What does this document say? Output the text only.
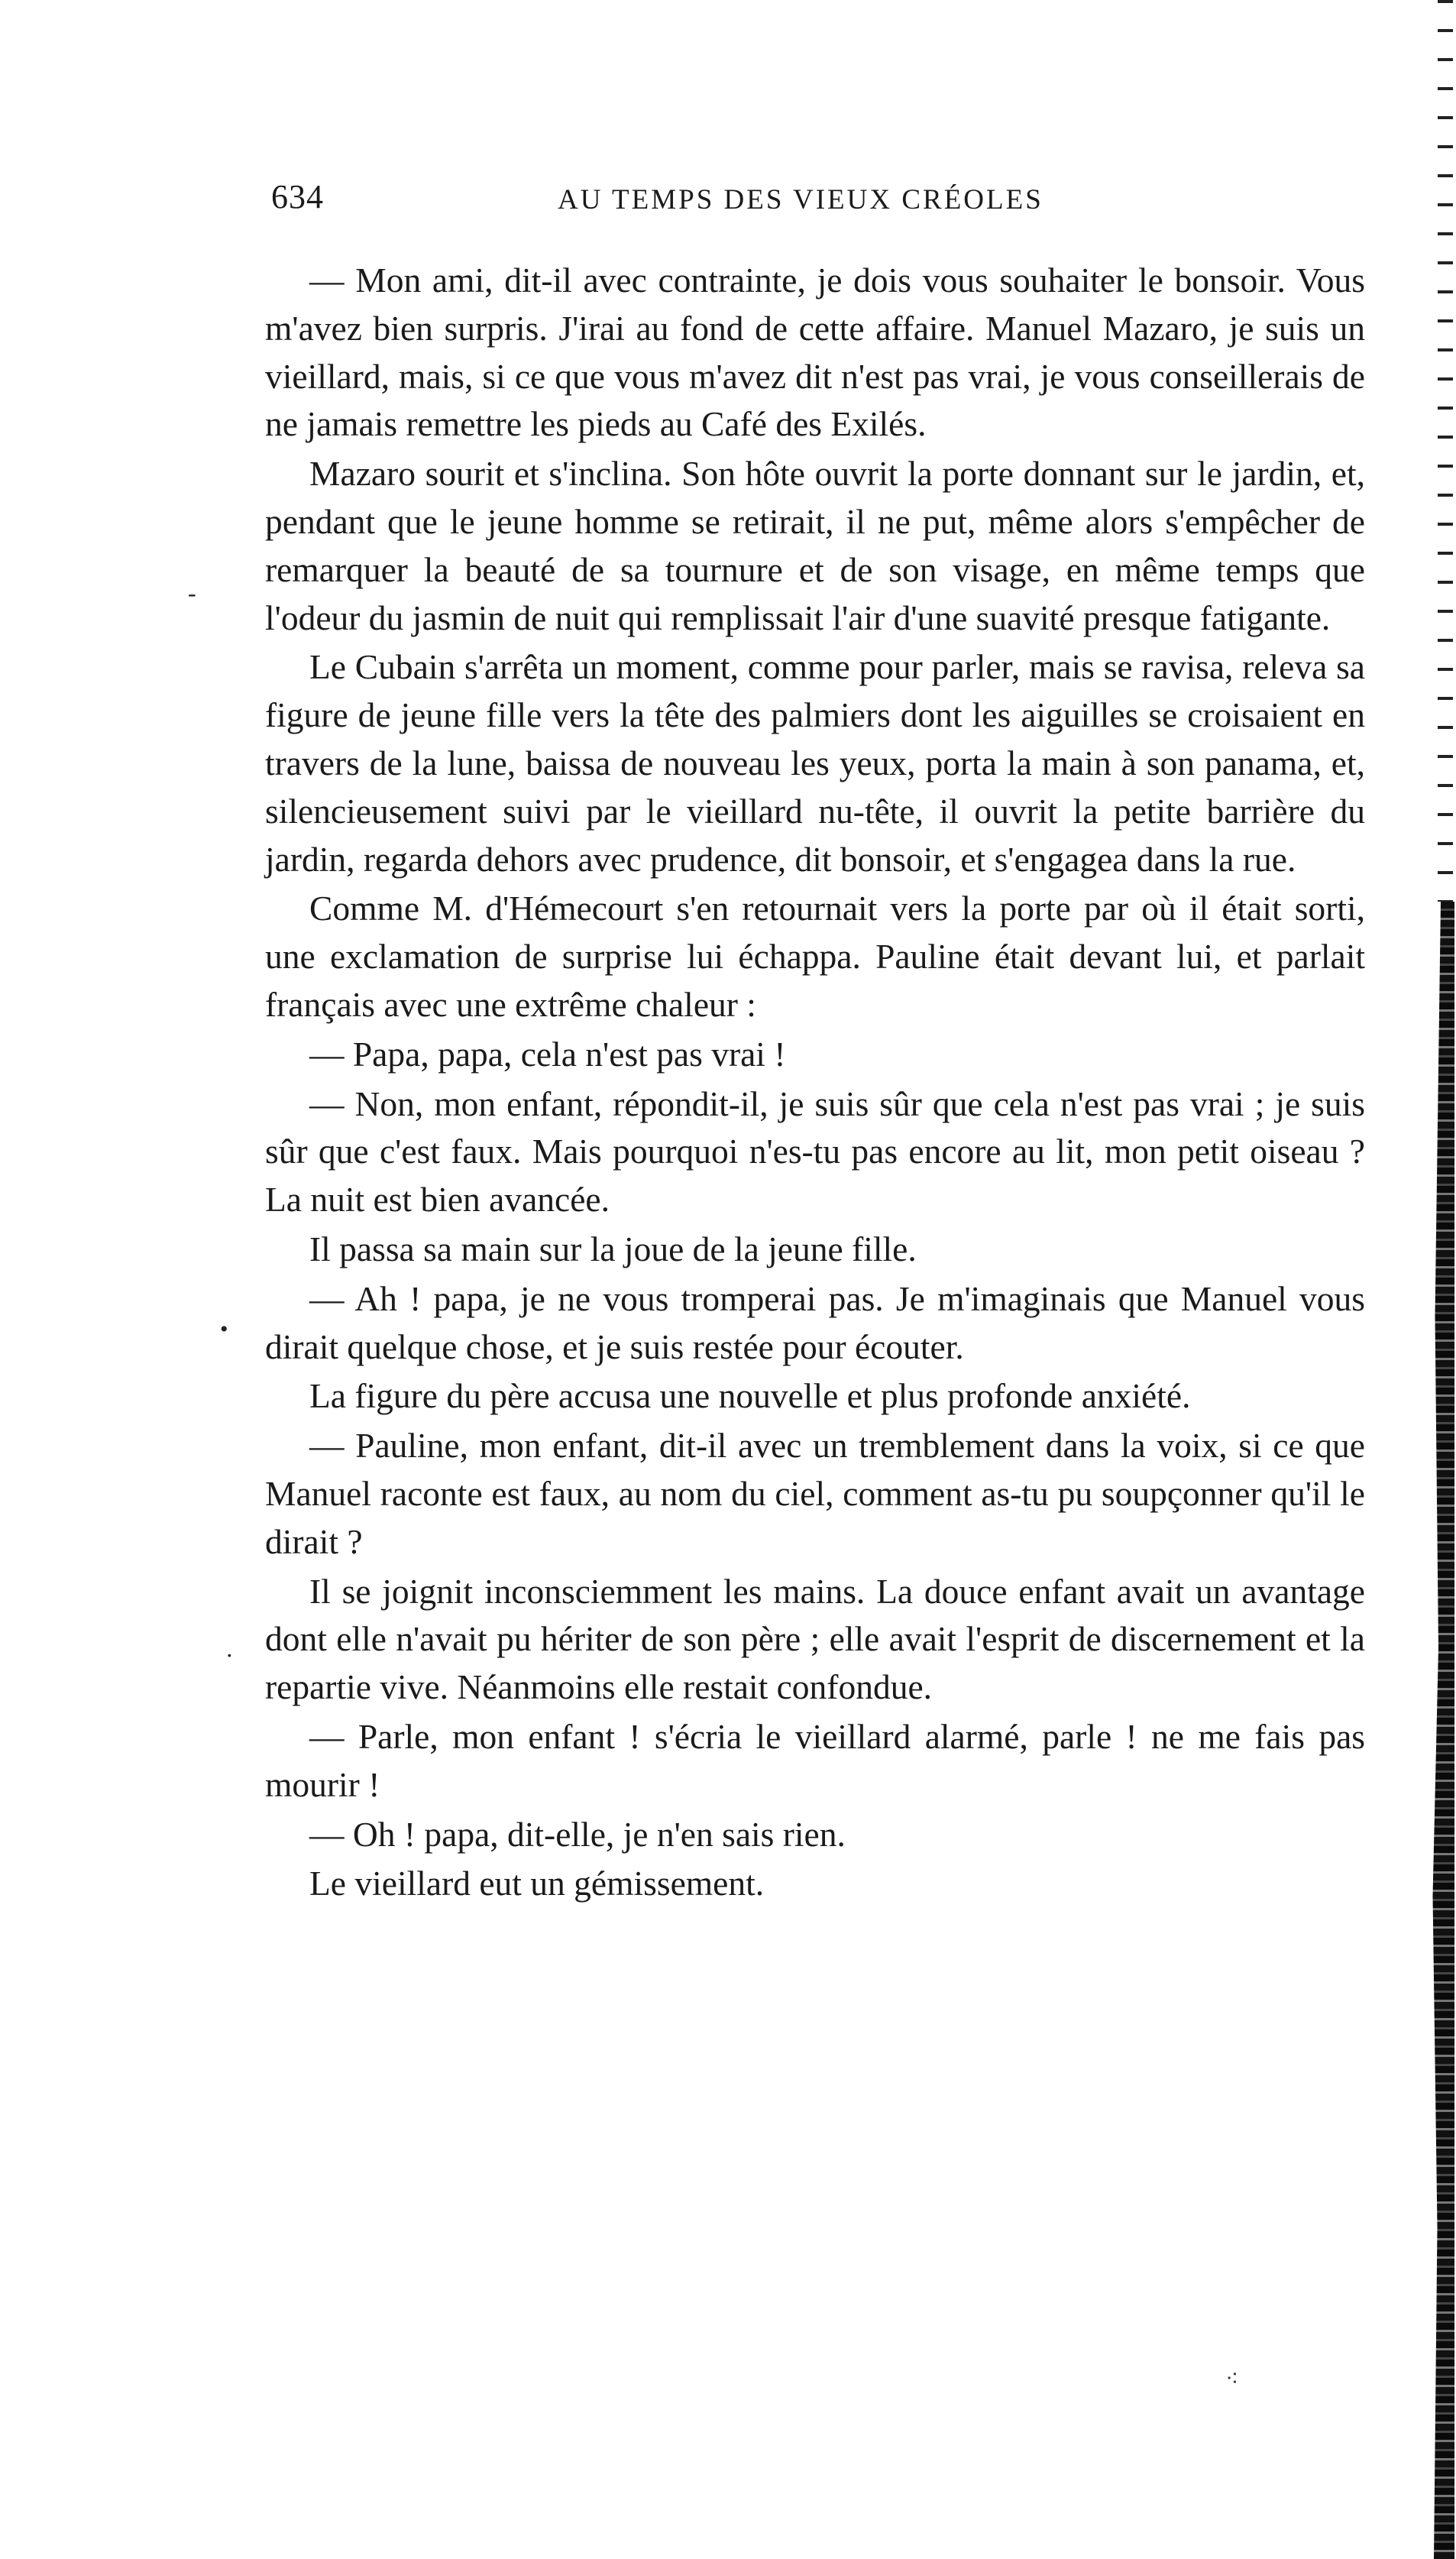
634	AU TEMPS DES VIEUX CRÉOLES

— Mon ami, dit-il avec contrainte, je dois vous souhaiter le bonsoir. Vous m'avez bien surpris. J'irai au fond de cette affaire. Manuel Mazaro, je suis un vieillard, mais, si ce que vous m'avez dit n'est pas vrai, je vous conseillerais de ne jamais remettre les pieds au Café des Exilés.

Mazaro sourit et s'inclina. Son hôte ouvrit la porte donnant sur le jardin, et, pendant que le jeune homme se retirait, il ne put, même alors s'empêcher de remarquer la beauté de sa tournure et de son visage, en même temps que l'odeur du jasmin de nuit qui remplissait l'air d'une suavité presque fatigante.

Le Cubain s'arrêta un moment, comme pour parler, mais se ravisa, releva sa figure de jeune fille vers la tête des palmiers dont les aiguilles se croisaient en travers de la lune, baissa de nouveau les yeux, porta la main à son panama, et, silencieusement suivi par le vieillard nu-tête, il ouvrit la petite barrière du jardin, regarda dehors avec prudence, dit bonsoir, et s'engagea dans la rue.

Comme M. d'Hémecourt s'en retournait vers la porte par où il était sorti, une exclamation de surprise lui échappa. Pauline était devant lui, et parlait français avec une extrême chaleur :

— Papa, papa, cela n'est pas vrai !

— Non, mon enfant, répondit-il, je suis sûr que cela n'est pas vrai ; je suis sûr que c'est faux. Mais pourquoi n'es-tu pas encore au lit, mon petit oiseau ? La nuit est bien avancée.

Il passa sa main sur la joue de la jeune fille.

— Ah ! papa, je ne vous tromperai pas. Je m'imaginais que Manuel vous dirait quelque chose, et je suis restée pour écouter.

La figure du père accusa une nouvelle et plus profonde anxiété.

— Pauline, mon enfant, dit-il avec un tremblement dans la voix, si ce que Manuel raconte est faux, au nom du ciel, comment as-tu pu soupçonner qu'il le dirait ?

Il se joignit inconsciemment les mains. La douce enfant avait un avantage dont elle n'avait pu hériter de son père ; elle avait l'esprit de discernement et la repartie vive. Néanmoins elle restait confondue.

— Parle, mon enfant ! s'écria le vieillard alarmé, parle ! ne me fais pas mourir !

— Oh ! papa, dit-elle, je n'en sais rien.

Le vieillard eut un gémissement.

-
•
·
⁖
